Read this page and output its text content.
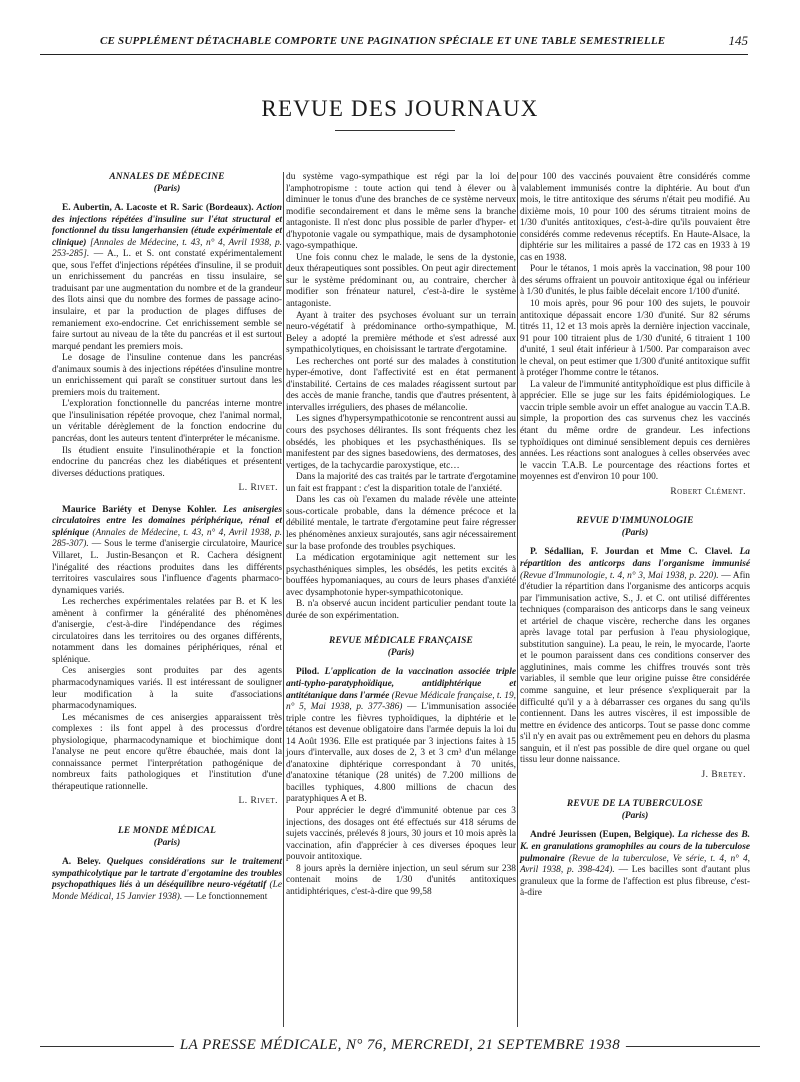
CE SUPPLÉMENT DÉTACHABLE COMPORTE UNE PAGINATION SPÉCIALE ET UNE TABLE SEMESTRIELLE	145
REVUE DES JOURNAUX

ANNALES DE MÉDECINE

(Paris)

E. Aubertin, A. Lacoste et R. Saric (Bordeaux). Action des injections répétées d'insuline sur l'état structural et fonctionnel du tissu langerhansien (étude expérimentale et clinique) [Annales de Médecine, t. 43, n° 4, Avril 1938, p. 253-285]. — A., L. et S. ont constaté expérimentalement que, sous l'effet d'injections répétées d'insuline, il se produit un enrichissement du pancréas en tissu insulaire, se traduisant par une augmentation du nombre et de la grandeur des îlots ainsi que du nombre des formes de passage acino-insulaire, et par la production de plages diffuses de remaniement exo-endocrine. Cet enrichissement semble se faire surtout au niveau de la tête du pancréas et il est surtout marqué pendant les premiers mois.

Le dosage de l'insuline contenue dans les pancréas d'animaux soumis à des injections répétées d'insuline montre un enrichissement qui paraît se constituer surtout dans les premiers mois du traitement.

L'exploration fonctionnelle du pancréas interne montre que l'insulinisation répétée provoque, chez l'animal normal, un véritable dérèglement de la fonction endocrine du pancréas, dont les auteurs tentent d'interpréter le mécanisme.

Ils étudient ensuite l'insulinothérapie et la fonction endocrine du pancréas chez les diabétiques et présentent diverses déductions pratiques.

L. Rivet.

Maurice Bariéty et Denyse Kohler. Les anisergies circulatoires entre les domaines périphérique, rénal et splénique (Annales de Médecine, t. 43, n° 4, Avril 1938, p. 285-307). — Sous le terme d'anisergie circulatoire, Maurice Villaret, L. Justin-Besançon et R. Cachera désignent l'inégalité des réactions produites dans les différents territoires vasculaires sous l'influence d'agents pharmaco-dynamiques variés.

Les recherches expérimentales relatées par B. et K les amènent à confirmer la généralité des phénomènes d'anisergie, c'est-à-dire l'indépendance des régimes circulatoires dans les territoires ou des organes différents, notamment dans les domaines périphériques, rénal et splénique.

Ces anisergies sont produites par des agents pharmacodynamiques variés. Il est intéressant de souligner leur modification à la suite d'associations pharmacodynamiques.

Les mécanismes de ces anisergies apparaissent très complexes : ils font appel à des processus d'ordre physiologique, pharmacodynamique et biochimique dont l'analyse ne peut encore qu'être ébauchée, mais dont la connaissance permet l'interprétation pathogénique de nombreux faits pathologiques et l'institution d'une thérapeutique rationnelle.

L. Rivet.

LE MONDE MÉDICAL

(Paris)

A. Beley. Quelques considérations sur le traitement sympathicolytique par le tartrate d'ergotamine des troubles psychopathiques liés à un déséquilibre neuro-végétatif (Le Monde Médical, 15 Janvier 1938). — Le fonctionnement

du système vago-sympathique est régi par la loi de l'amphotropisme : toute action qui tend à élever ou à diminuer le tonus d'une des branches de ce système nerveux modifie secondairement et dans le même sens la branche antagoniste. Il n'est donc plus possible de parler d'hyper- et d'hypotonie vagale ou sympathique, mais de dysamphotonie vago-sympathique.

Une fois connu chez le malade, le sens de la dystonie, deux thérapeutiques sont possibles. On peut agir directement sur le système prédominant ou, au contraire, chercher à modifier son frénateur naturel, c'est-à-dire le système antagoniste.

Ayant à traiter des psychoses évoluant sur un terrain neuro-végétatif à prédominance ortho-sympathique, M. Beley a adopté la première méthode et s'est adressé aux sympathicolytiques, en choisissant le tartrate d'ergotamine.

Les recherches ont porté sur des malades à constitution hyper-émotive, dont l'affectivité est en état permanent d'instabilité. Certains de ces malades réagissent surtout par des accès de manie franche, tandis que d'autres présentent, à intervalles irréguliers, des phases de mélancolie.

Les signes d'hypersympathicotonie se rencontrent aussi au cours des psychoses délirantes. Ils sont fréquents chez les obsédés, les phobiques et les psychasthéniques. Ils se manifestent par des signes basedowiens, des dermatoses, des vertiges, de la tachycardie paroxystique, etc…

Dans la majorité des cas traités par le tartrate d'ergotamine un fait est frappant : c'est la disparition totale de l'anxiété.

Dans les cas où l'examen du malade révèle une atteinte sous-corticale probable, dans la démence précoce et la débilité mentale, le tartrate d'ergotamine peut faire régresser les phénomènes anxieux surajoutés, sans agir nécessairement sur la base profonde des troubles psychiques.

La médication ergotaminique agit nettement sur les psychasthéniques simples, les obsédés, les petits excités à bouffées hypomaniaques, au cours de leurs phases d'anxiété avec dysamphotonie hyper-sympathicotonique.

B. n'a observé aucun incident particulier pendant toute la durée de son expérimentation.

REVUE MÉDICALE FRANÇAISE

(Paris)

Pilod. L'application de la vaccination associée triple anti-typho-paratyphoïdique, antidiphtérique et antitétanique dans l'armée (Revue Médicale française, t. 19, n° 5, Mai 1938, p. 377-386) — L'immunisation associée triple contre les fièvres typhoïdiques, la diphtérie et le tétanos est devenue obligatoire dans l'armée depuis la loi du 14 Août 1936. Elle est pratiquée par 3 injections faites à 15 jours d'intervalle, aux doses de 2, 3 et 3 cm³ d'un mélange d'anatoxine diphtérique correspondant à 70 unités, d'anatoxine tétanique (28 unités) de 7.200 millions de bacilles typhiques, 4.800 millions de chacun des paratyphiques A et B.

Pour apprécier le degré d'immunité obtenue par ces 3 injections, des dosages ont été effectués sur 418 sérums de sujets vaccinés, prélevés 8 jours, 30 jours et 10 mois après la vaccination, afin d'apprécier à ces diverses époques leur pouvoir antitoxique.

8 jours après la dernière injection, un seul sérum sur 238 contenait moins de 1/30 d'unités antitoxiques antidiphtériques, c'est-à-dire que 99,58

pour 100 des vaccinés pouvaient être considérés comme valablement immunisés contre la diphtérie. Au bout d'un mois, le titre antitoxique des sérums n'était peu modifié. Au dixième mois, 10 pour 100 des sérums titraient moins de 1/30 d'unités antitoxiques, c'est-à-dire qu'ils pouvaient être considérés comme redevenus réceptifs. En Haute-Alsace, la diphtérie sur les militaires a passé de 172 cas en 1933 à 19 cas en 1938.

Pour le tétanos, 1 mois après la vaccination, 98 pour 100 des sérums offraient un pouvoir antitoxique égal ou inférieur à 1/30 d'unités, le plus faible décelait encore 1/100 d'unité.

10 mois après, pour 96 pour 100 des sujets, le pouvoir antitoxique dépassait encore 1/30 d'unité. Sur 82 sérums titrés 11, 12 et 13 mois après la dernière injection vaccinale, 91 pour 100 titraient plus de 1/30 d'unité, 6 titraient 1 100 d'unité, 1 seul était inférieur à 1/500. Par comparaison avec le cheval, on peut estimer que 1/300 d'unité antitoxique suffit à protéger l'homme contre le tétanos.

La valeur de l'immunité antityphoïdique est plus difficile à apprécier. Elle se juge sur les faits épidémiologiques. Le vaccin triple semble avoir un effet analogue au vaccin T.A.B. simple, la proportion des cas survenus chez les vaccinés étant du même ordre de grandeur. Les infections typhoïdiques ont diminué sensiblement depuis ces dernières années. Les réactions sont analogues à celles observées avec le vaccin T.A.B. Le pourcentage des réactions fortes et moyennes est d'environ 10 pour 100.

Robert Clément.

REVUE D'IMMUNOLOGIE

(Paris)

P. Sédallian, F. Jourdan et Mme C. Clavel. La répartition des anticorps dans l'organisme immunisé (Revue d'Immunologie, t. 4, n° 3, Mai 1938, p. 220). — Afin d'étudier la répartition dans l'organisme des anticorps acquis par l'immunisation active, S., J. et C. ont utilisé différentes techniques (comparaison des anticorps dans le sang veineux et artériel de chaque viscère, recherche dans les organes après lavage total par perfusion à l'eau physiologique, substitution sanguine). La peau, le rein, le myocarde, l'aorte et le poumon paraissent dans ces conditions conserver des agglutinines, mais comme les chiffres trouvés sont très variables, il semble que leur origine puisse être considérée comme sanguine, et leur présence s'expliquerait par la difficulté qu'il y a à débarrasser ces organes du sang qu'ils contiennent. Dans les autres viscères, il est impossible de mettre en évidence des anticorps. Tout se passe donc comme s'il n'y en avait pas ou extrêmement peu en dehors du plasma sanguin, et il n'est pas possible de dire quel organe ou quel tissu leur donne naissance.

J. Bretey.

REVUE DE LA TUBERCULOSE

(Paris)

André Jeurissen (Eupen, Belgique). La richesse des B. K. en granulations gramophiles au cours de la tuberculose pulmonaire (Revue de la tuberculose, Ve série, t. 4, n° 4, Avril 1938, p. 398-424). — Les bacilles sont d'autant plus granuleux que la forme de l'affection est plus fibreuse, c'est-à-dire

LA PRESSE MÉDICALE, N° 76, MERCREDI, 21 SEPTEMBRE 1938
